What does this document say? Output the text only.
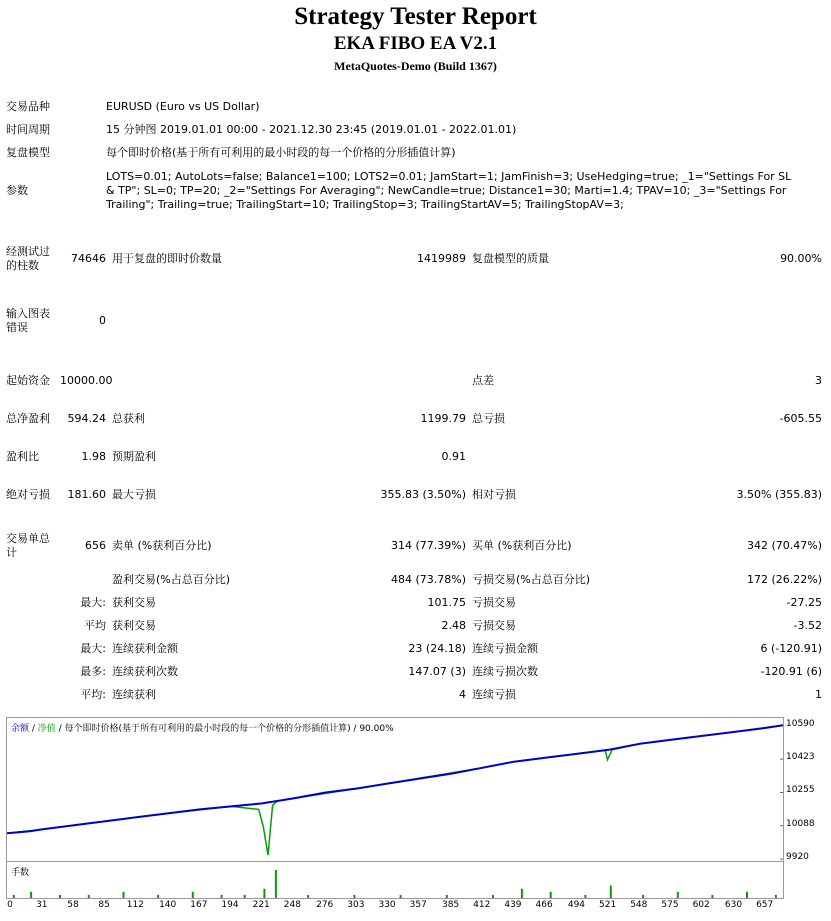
Strategy Tester Report
EKA FIBO EA V2.1
MetaQuotes-Demo (Build 1367)
交易品种		EURUSD (Euro vs US Dollar)			
时间周期		15 分钟图 2019.01.01 00:00 - 2021.12.30 23:45 (2019.01.01 - 2022.01.01)			
复盘模型		每个即时价格(基于所有可利用的最小时段的每一个价格的分形插值计算)			
参数		LOTS=0.01; AutoLots=false; Balance1=100; LOTS2=0.01; JamStart=1; JamFinish=3; UseHedging=true; _1="Settings For SL & TP"; SL=0; TP=20; _2="Settings For Averaging"; NewCandle=true; Distance1=30; Marti=1.4; TPAV=10; _3="Settings For Trailing"; Trailing=true; TrailingStart=10; TrailingStop=3; TrailingStartAV=5; TrailingStopAV=3;			

经测试过的柱数	74646	用于复盘的即时价数量	1419989	复盘模型的质量	90.00%
输入图表错误	0				

起始资金	10000.00			点差	3
总净盈利	594.24	总获利	1199.79	总亏损	-605.55
盈利比	1.98	预期盈利	0.91		
绝对亏损	181.60	最大亏损	355.83 (3.50%)	相对亏损	3.50% (355.83)

交易单总计	656	卖单 (%获利百分比)	314 (77.39%)	买单 (%获利百分比)	342 (70.47%)
		盈利交易(%占总百分比)	484 (73.78%)	亏损交易(%占总百分比)	172 (26.22%)
	最大:	获利交易	101.75	亏损交易	-27.25
	平均	获利交易	2.48	亏损交易	-3.52
	最大:	连续获利金额	23 (24.18)	连续亏损金额	6 (-120.91)
	最多:	连续获利次数	147.07 (3)	连续亏损次数	-120.91 (6)
	平均:	连续获利	4	连续亏损	1
余额 / 净值 / 每个即时价格(基于所有可利用的最小时段的每一个价格的分形插值计算) / 90.00%
手数
10590
10423
10255
10088
9920
0	31 58 85 112 140 167 194 221 248 276 303 330 357 385 412 439 466 494 521 548 575 602 630 657
